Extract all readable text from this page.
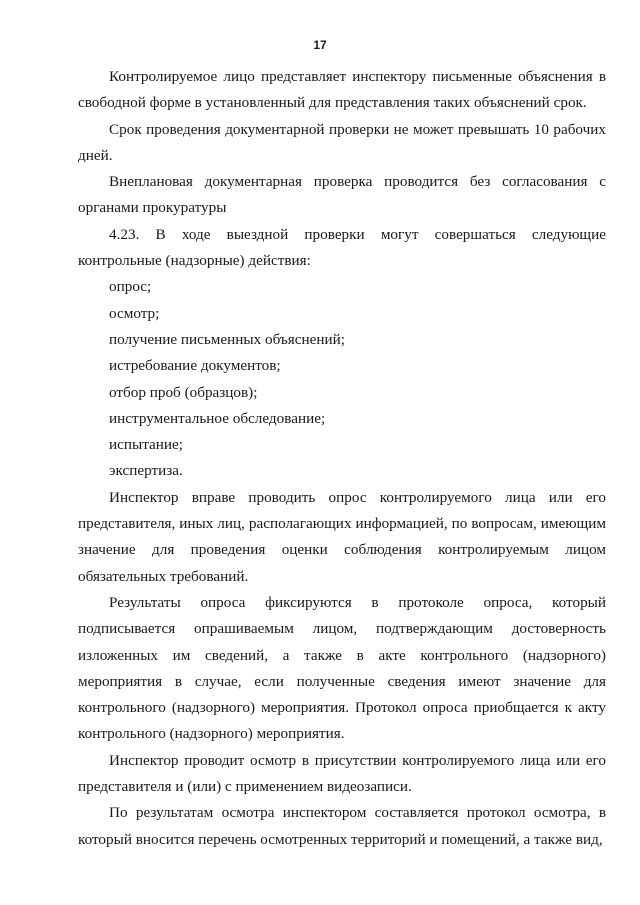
17

Контролируемое лицо представляет инспектору письменные объяснения в свободной форме в установленный для представления таких объяснений срок.

Срок проведения документарной проверки не может превышать 10 рабочих дней.

Внеплановая документарная проверка проводится без согласования с органами прокуратуры

4.23. В ходе выездной проверки могут совершаться следующие контрольные (надзорные) действия:

опрос;
осмотр;
получение письменных объяснений;
истребование документов;
отбор проб (образцов);
инструментальное обследование;
испытание;
экспертиза.

Инспектор вправе проводить опрос контролируемого лица или его представителя, иных лиц, располагающих информацией, по вопросам, имеющим значение для проведения оценки соблюдения контролируемым лицом обязательных требований.

Результаты опроса фиксируются в протоколе опроса, который подписывается опрашиваемым лицом, подтверждающим достоверность изложенных им сведений, а также в акте контрольного (надзорного) мероприятия в случае, если полученные сведения имеют значение для контрольного (надзорного) мероприятия. Протокол опроса приобщается к акту контрольного (надзорного) мероприятия.

Инспектор проводит осмотр в присутствии контролируемого лица или его представителя и (или) с применением видеозаписи.

По результатам осмотра инспектором составляется протокол осмотра, в который вносится перечень осмотренных территорий и помещений, а также вид,
